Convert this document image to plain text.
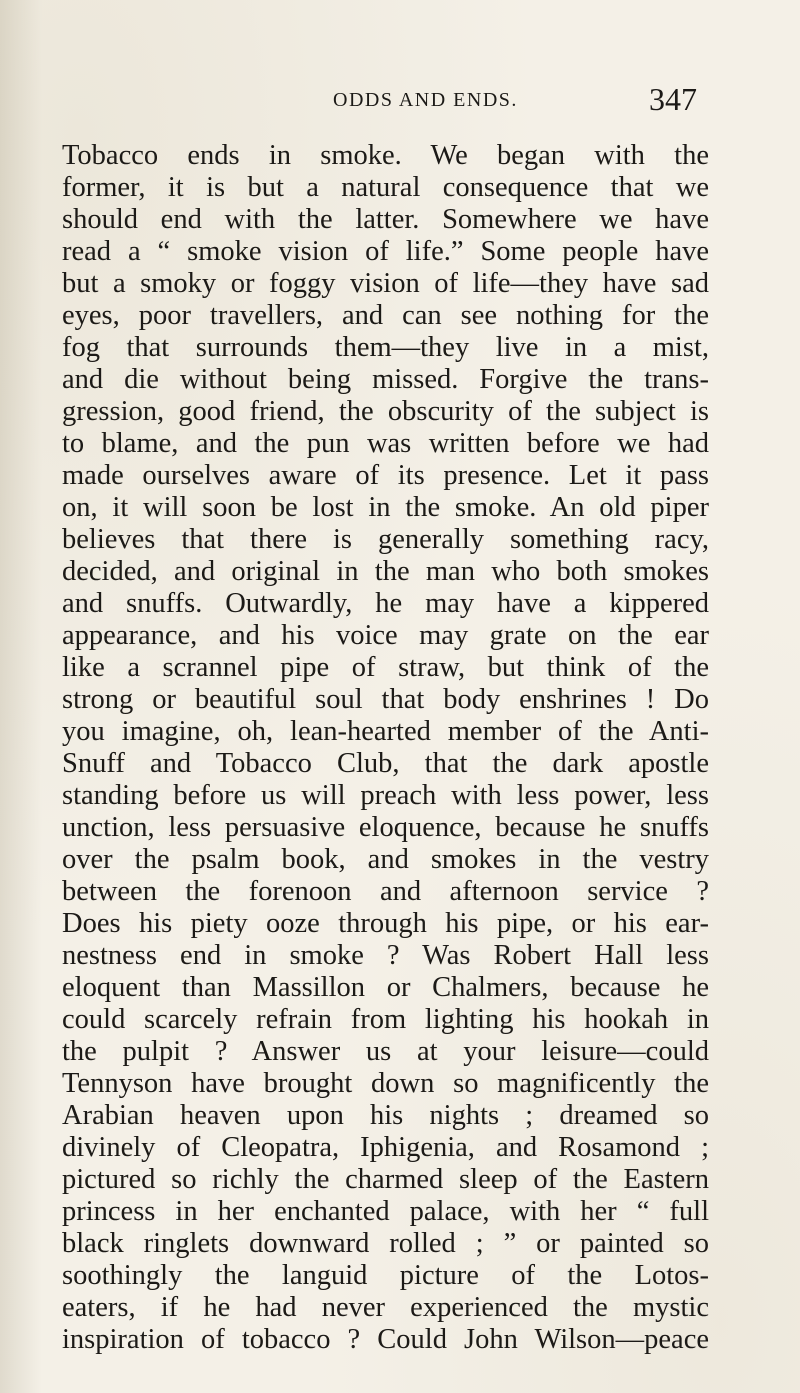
ODDS AND ENDS.	347
Tobacco ends in smoke. We began with the
former, it is but a natural consequence that we
should end with the latter. Somewhere we have
read a “ smoke vision of life.” Some people have
but a smoky or foggy vision of life—they have sad
eyes, poor travellers, and can see nothing for the
fog that surrounds them—they live in a mist,
and die without being missed. Forgive the trans-
gression, good friend, the obscurity of the subject is
to blame, and the pun was written before we had
made ourselves aware of its presence. Let it pass
on, it will soon be lost in the smoke. An old piper
believes that there is generally something racy,
decided, and original in the man who both smokes
and snuffs. Outwardly, he may have a kippered
appearance, and his voice may grate on the ear
like a scrannel pipe of straw, but think of the
strong or beautiful soul that body enshrines ! Do
you imagine, oh, lean-hearted member of the Anti-
Snuff and Tobacco Club, that the dark apostle
standing before us will preach with less power, less
unction, less persuasive eloquence, because he snuffs
over the psalm book, and smokes in the vestry
between the forenoon and afternoon service ?
Does his piety ooze through his pipe, or his ear-
nestness end in smoke ? Was Robert Hall less
eloquent than Massillon or Chalmers, because he
could scarcely refrain from lighting his hookah in
the pulpit ? Answer us at your leisure—could
Tennyson have brought down so magnificently the
Arabian heaven upon his nights ; dreamed so
divinely of Cleopatra, Iphigenia, and Rosamond ;
pictured so richly the charmed sleep of the Eastern
princess in her enchanted palace, with her “ full
black ringlets downward rolled ; ” or painted so
soothingly the languid picture of the Lotos-
eaters, if he had never experienced the mystic
inspiration of tobacco ? Could John Wilson—peace
